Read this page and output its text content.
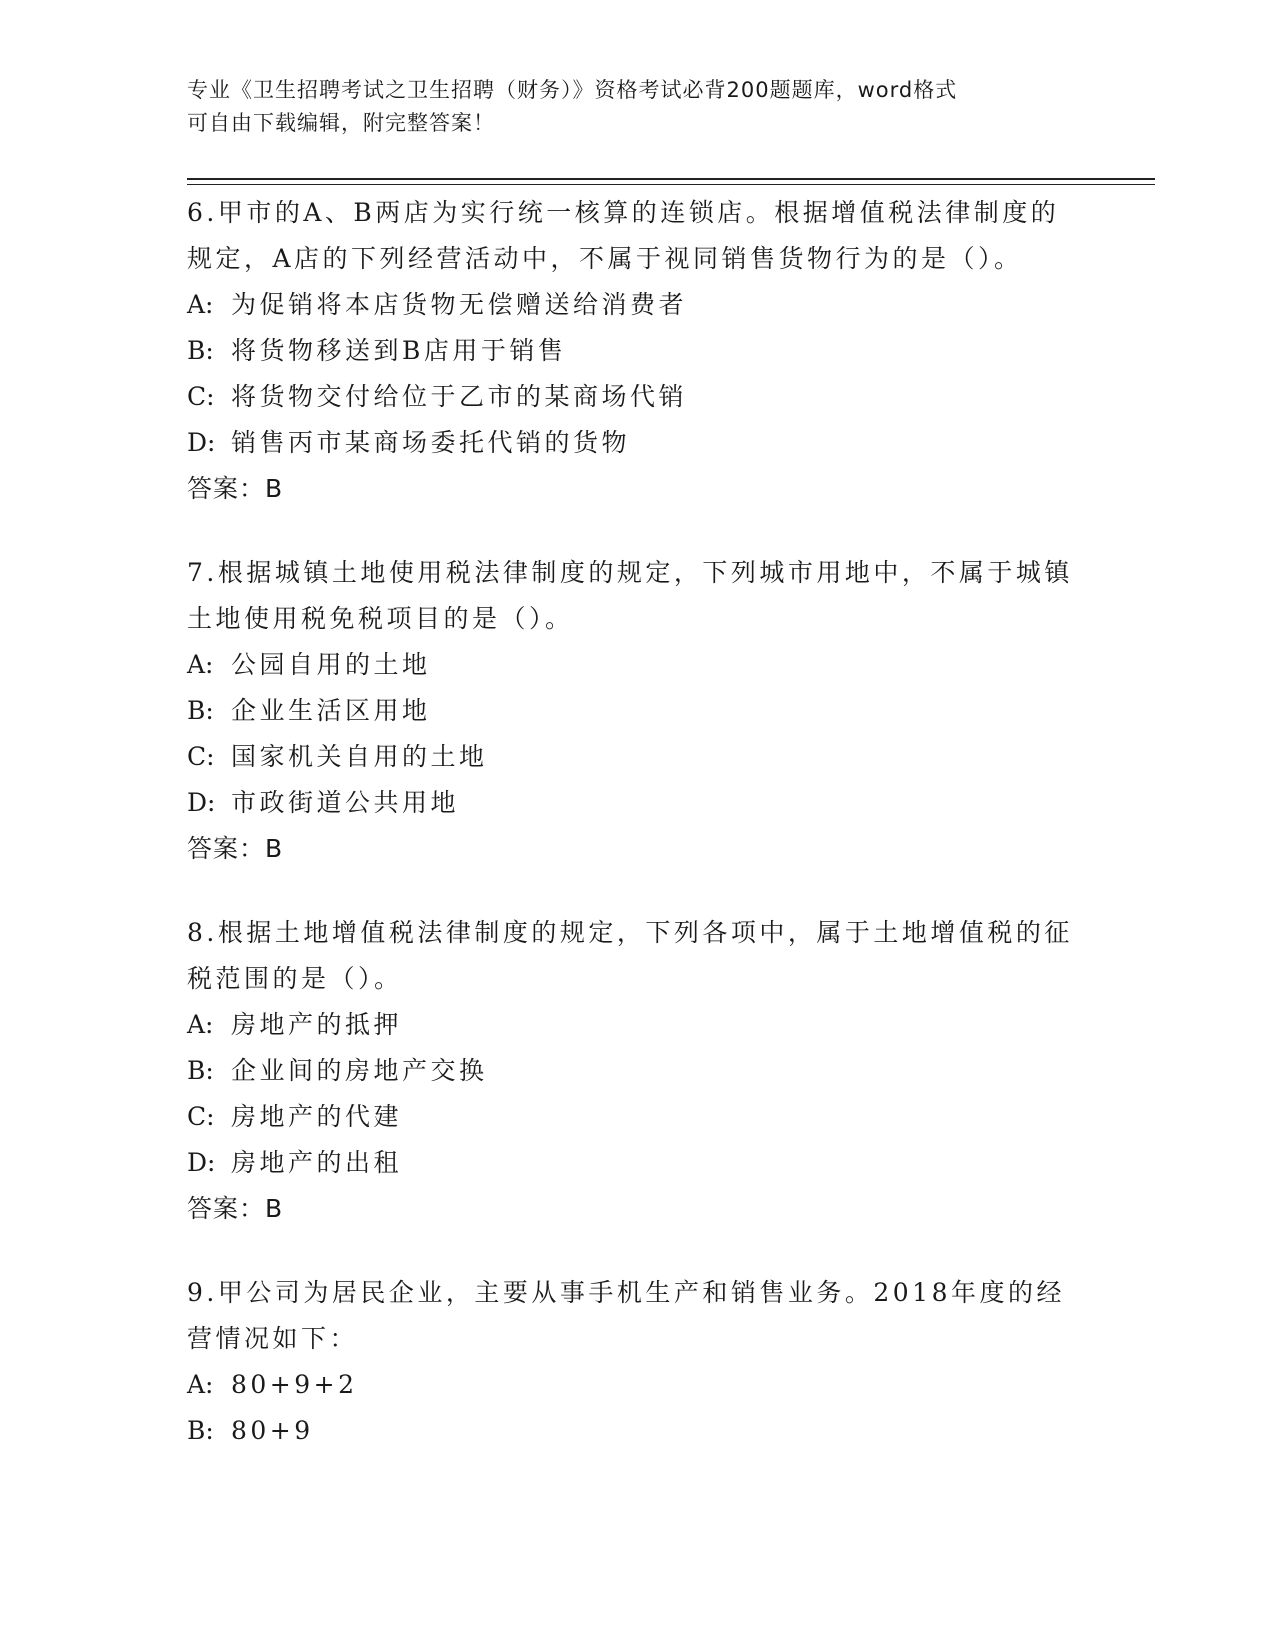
专业《卫生招聘考试之卫生招聘（财务）》资格考试必背200题题库，word格式
可自由下载编辑，附完整答案！
6.甲市的A、B两店为实行统一核算的连锁店。根据增值税法律制度的规定，A店的下列经营活动中，不属于视同销售货物行为的是（）。
A: 为促销将本店货物无偿赠送给消费者
B: 将货物移送到B店用于销售
C: 将货物交付给位于乙市的某商场代销
D: 销售丙市某商场委托代销的货物
答案：B
7.根据城镇土地使用税法律制度的规定，下列城市用地中，不属于城镇土地使用税免税项目的是（）。
A: 公园自用的土地
B: 企业生活区用地
C: 国家机关自用的土地
D: 市政街道公共用地
答案：B
8.根据土地增值税法律制度的规定，下列各项中，属于土地增值税的征税范围的是（）。
A: 房地产的抵押
B: 企业间的房地产交换
C: 房地产的代建
D: 房地产的出租
答案：B
9.甲公司为居民企业，主要从事手机生产和销售业务。2018年度的经营情况如下：
A: 80+9+2
B: 80+9
